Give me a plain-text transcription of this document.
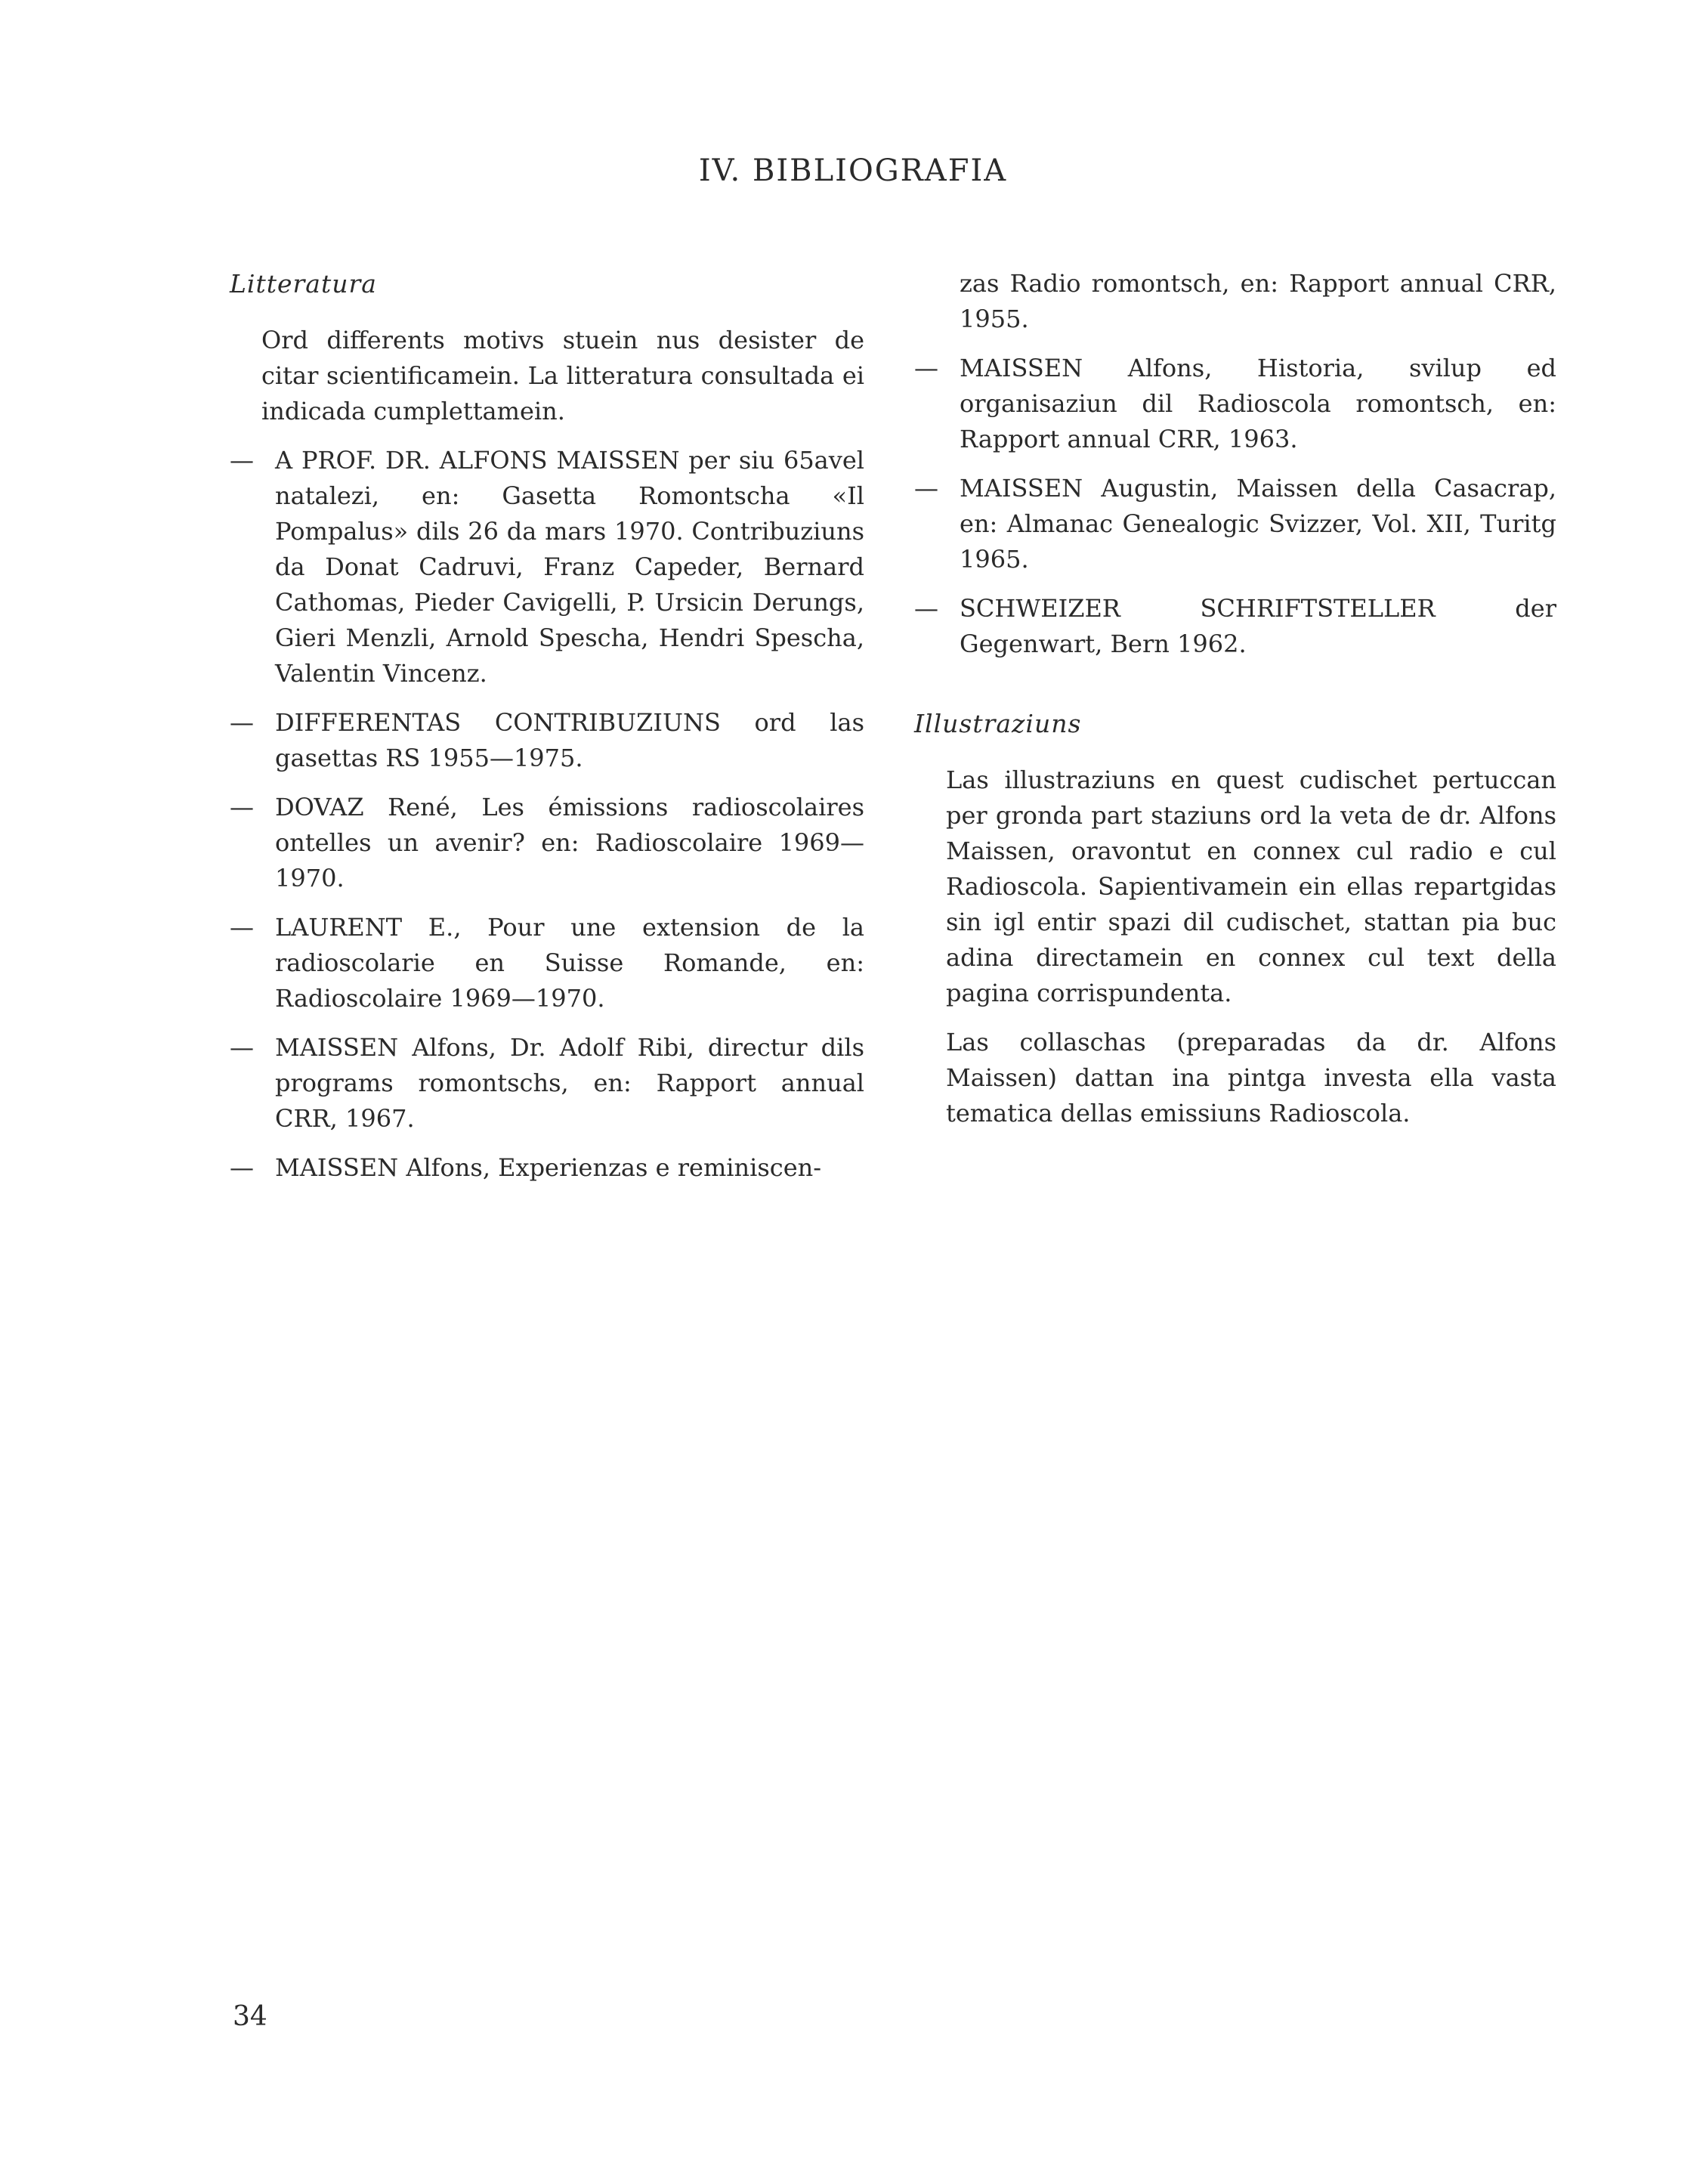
IV. BIBLIOGRAFIA

Litteratura

Ord differents motivs stuein nus desister de citar scientificamein. La litteratura consultada ei indicada cumplettamein.

— A PROF. DR. ALFONS MAISSEN per siu 65avel natalezi, en: Gasetta Romontscha «Il Pompalus» dils 26 da mars 1970. Contribuziuns da Donat Cadruvi, Franz Capeder, Bernard Cathomas, Pieder Cavigelli, P. Ursicin Derungs, Gieri Menzli, Arnold Spescha, Hendri Spescha, Valentin Vincenz.
— DIFFERENTAS CONTRIBUZIUNS ord las gasettas RS 1955—1975.
— DOVAZ René, Les émissions radioscolaires ontelles un avenir? en: Radioscolaire 1969—1970.
— LAURENT E., Pour une extension de la radioscolarie en Suisse Romande, en: Radioscolaire 1969—1970.
— MAISSEN Alfons, Dr. Adolf Ribi, directur dils programs romontschs, en: Rapport annual CRR, 1967.
— MAISSEN Alfons, Experienzas e reminiscen-

zas Radio romontsch, en: Rapport annual CRR, 1955.

— MAISSEN Alfons, Historia, svilup ed organisaziun dil Radioscola romontsch, en: Rapport annual CRR, 1963.
— MAISSEN Augustin, Maissen della Casacrap, en: Almanac Genealogic Svizzer, Vol. XII, Turitg 1965.
— SCHWEIZER SCHRIFTSTELLER der Gegenwart, Bern 1962.

Illustraziuns

Las illustraziuns en quest cudischet pertuccan per gronda part staziuns ord la veta de dr. Alfons Maissen, oravontut en connex cul radio e cul Radioscola. Sapientivamein ein ellas repartgidas sin igl entir spazi dil cudischet, stattan pia buc adina directamein en connex cul text della pagina corrispundenta.

Las collaschas (preparadas da dr. Alfons Maissen) dattan ina pintga investa ella vasta tematica dellas emissiuns Radioscola.

34
